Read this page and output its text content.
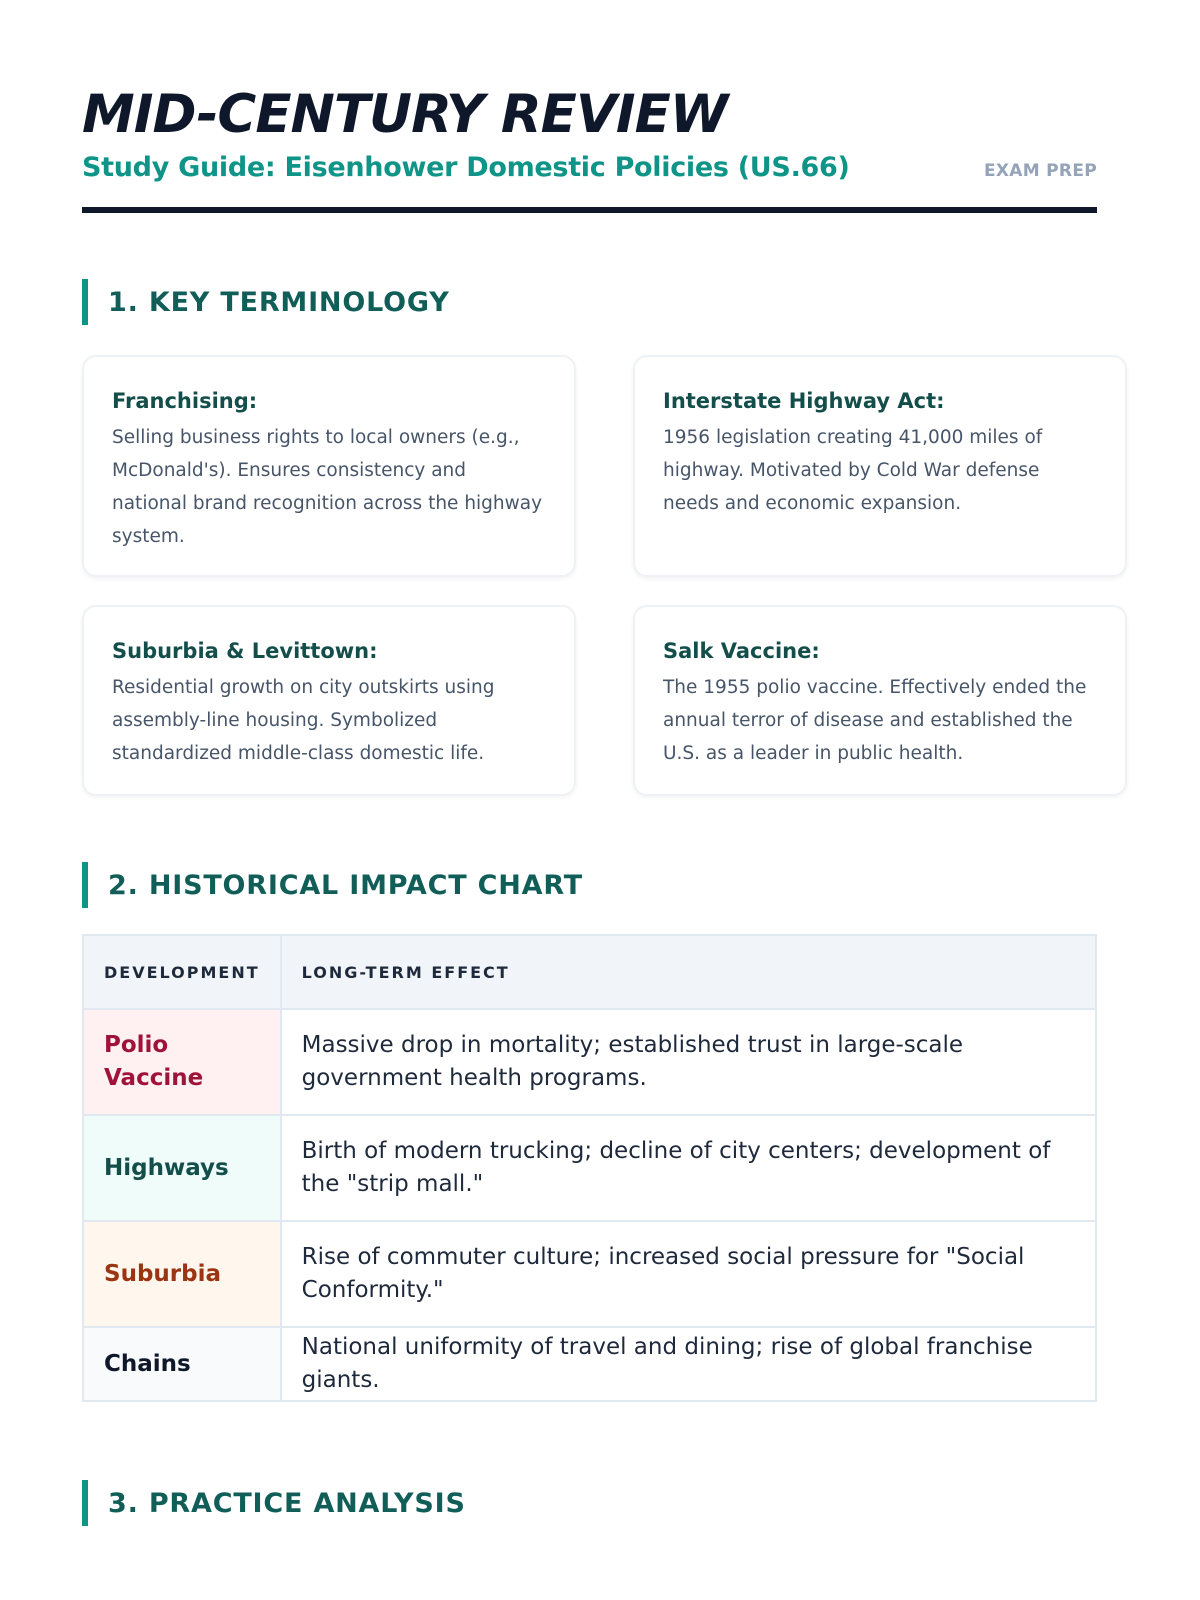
MID-CENTURY REVIEW
Study Guide: Eisenhower Domestic Policies (US.66)	EXAM PREP
1. KEY TERMINOLOGY
Franchising:
Selling business rights to local owners (e.g., McDonald's). Ensures consistency and national brand recognition across the highway system.
Interstate Highway Act:
1956 legislation creating 41,000 miles of highway. Motivated by Cold War defense needs and economic expansion.
Suburbia & Levittown:
Residential growth on city outskirts using assembly-line housing. Symbolized standardized middle-class domestic life.
Salk Vaccine:
The 1955 polio vaccine. Effectively ended the annual terror of disease and established the U.S. as a leader in public health.
2. HISTORICAL IMPACT CHART
DEVELOPMENT	LONG-TERM EFFECT
Polio Vaccine	Massive drop in mortality; established trust in large-scale government health programs.
Highways	Birth of modern trucking; decline of city centers; development of the "strip mall."
Suburbia	Rise of commuter culture; increased social pressure for "Social Conformity."
Chains	National uniformity of travel and dining; rise of global franchise giants.
3. PRACTICE ANALYSIS
